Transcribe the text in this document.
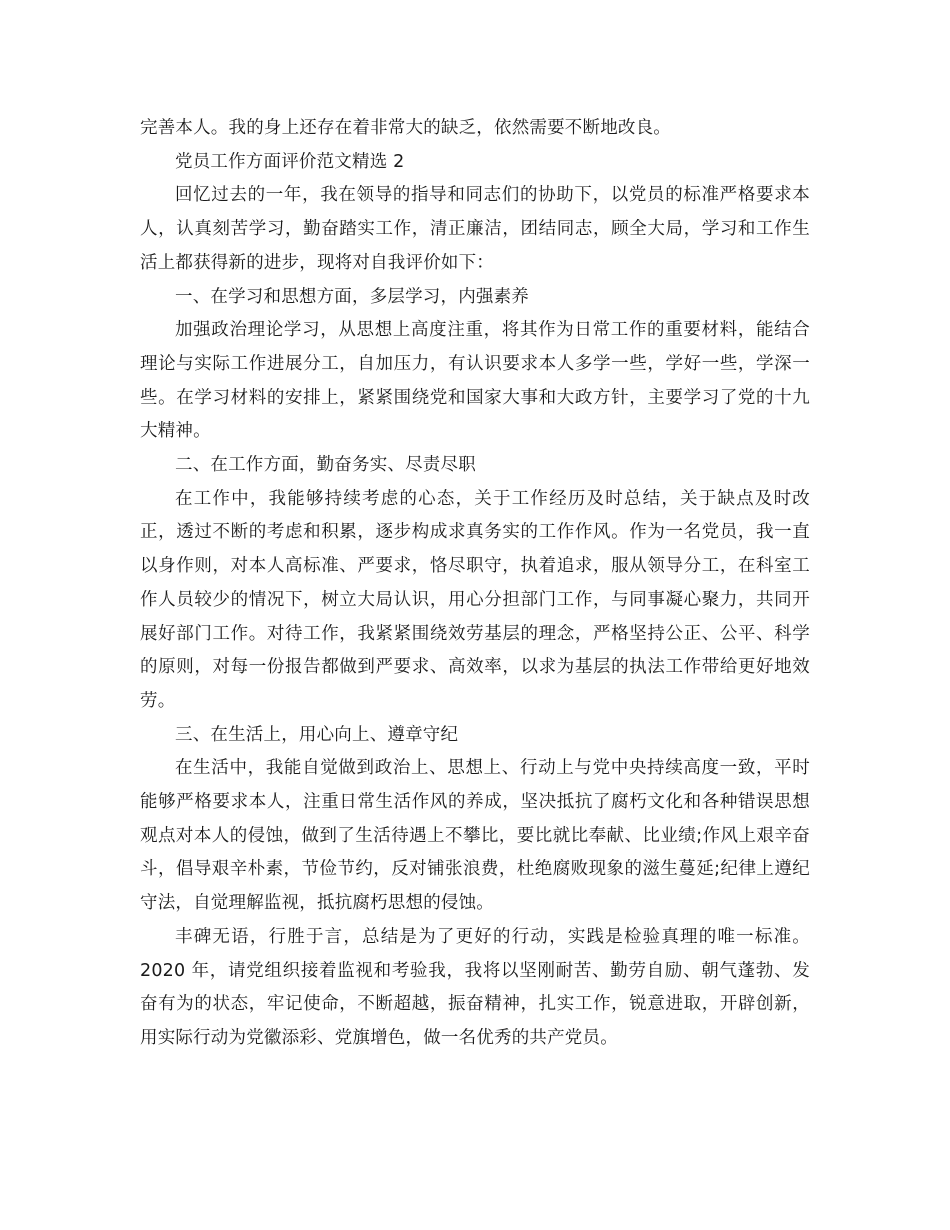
完善本人。我的身上还存在着非常大的缺乏，依然需要不断地改良。

党员工作方面评价范文精选 2

回忆过去的一年，我在领导的指导和同志们的协助下，以党员的标准严格要求本人，认真刻苦学习，勤奋踏实工作，清正廉洁，团结同志，顾全大局，学习和工作生活上都获得新的进步，现将对自我评价如下：

一、在学习和思想方面，多层学习，内强素养

加强政治理论学习，从思想上高度注重，将其作为日常工作的重要材料，能结合理论与实际工作进展分工，自加压力，有认识要求本人多学一些，学好一些，学深一些。在学习材料的安排上，紧紧围绕党和国家大事和大政方针，主要学习了党的十九大精神。

二、在工作方面，勤奋务实、尽责尽职

在工作中，我能够持续考虑的心态，关于工作经历及时总结，关于缺点及时改正，透过不断的考虑和积累，逐步构成求真务实的工作作风。作为一名党员，我一直以身作则，对本人高标准、严要求，恪尽职守，执着追求，服从领导分工，在科室工作人员较少的情况下，树立大局认识，用心分担部门工作，与同事凝心聚力，共同开展好部门工作。对待工作，我紧紧围绕效劳基层的理念，严格坚持公正、公平、科学的原则，对每一份报告都做到严要求、高效率，以求为基层的执法工作带给更好地效劳。

三、在生活上，用心向上、遵章守纪

在生活中，我能自觉做到政治上、思想上、行动上与党中央持续高度一致，平时能够严格要求本人，注重日常生活作风的养成，坚决抵抗了腐朽文化和各种错误思想观点对本人的侵蚀，做到了生活待遇上不攀比，要比就比奉献、比业绩;作风上艰辛奋斗，倡导艰辛朴素，节俭节约，反对铺张浪费，杜绝腐败现象的滋生蔓延;纪律上遵纪守法，自觉理解监视，抵抗腐朽思想的侵蚀。

丰碑无语，行胜于言，总结是为了更好的行动，实践是检验真理的唯一标准。2020 年，请党组织接着监视和考验我，我将以坚刚耐苦、勤劳自励、朝气蓬勃、发奋有为的状态，牢记使命，不断超越，振奋精神，扎实工作，锐意进取，开辟创新，用实际行动为党徽添彩、党旗增色，做一名优秀的共产党员。
